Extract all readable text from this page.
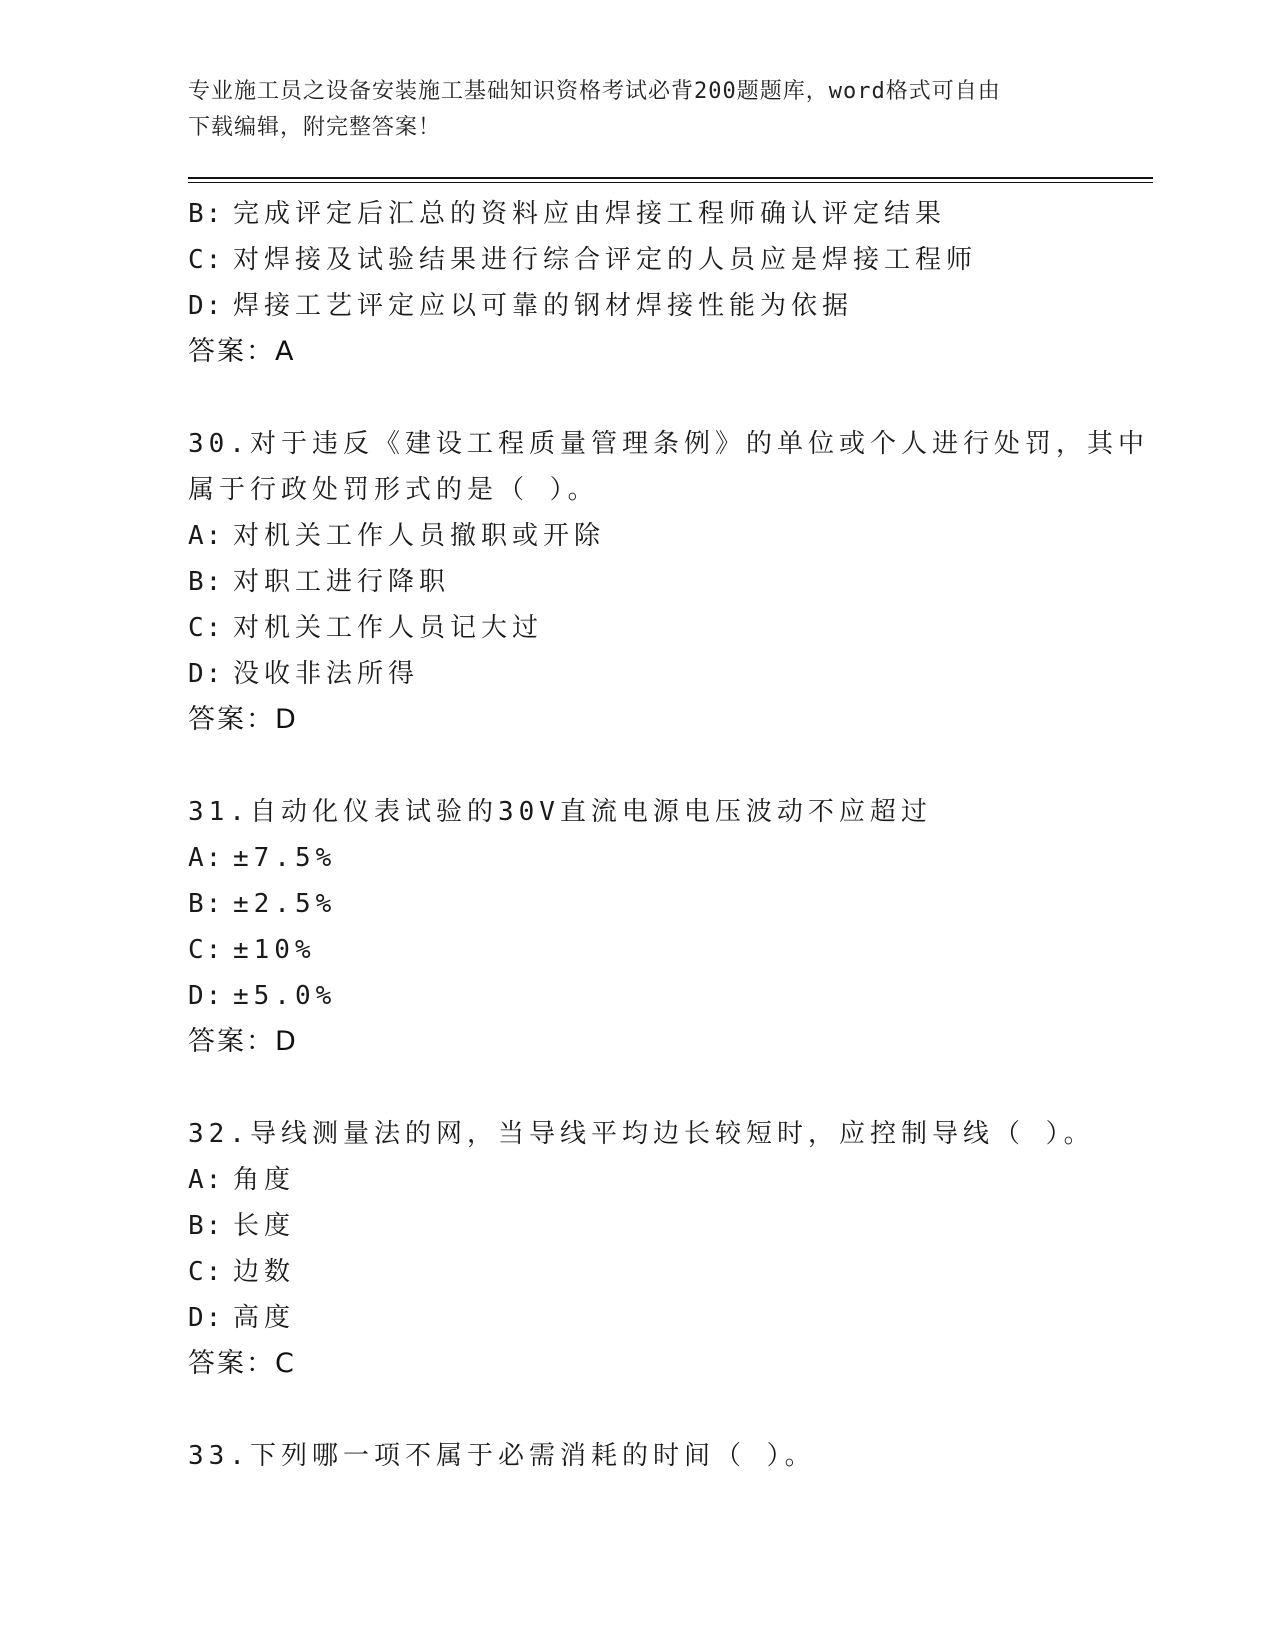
专业施工员之设备安装施工基础知识资格考试必背200题题库，word格式可自由
下载编辑，附完整答案！
B: 完成评定后汇总的资料应由焊接工程师确认评定结果
C: 对焊接及试验结果进行综合评定的人员应是焊接工程师
D: 焊接工艺评定应以可靠的钢材焊接性能为依据
答案：A
30.对于违反《建设工程质量管理条例》的单位或个人进行处罚，其中
属于行政处罚形式的是（ ）。
A: 对机关工作人员撤职或开除
B: 对职工进行降职
C: 对机关工作人员记大过
D: 没收非法所得
答案：D
31.自动化仪表试验的30V直流电源电压波动不应超过
A: ±7.5%
B: ±2.5%
C: ±10%
D: ±5.0%
答案：D
32.导线测量法的网，当导线平均边长较短时，应控制导线（ ）。
A: 角度
B: 长度
C: 边数
D: 高度
答案：C
33.下列哪一项不属于必需消耗的时间（ ）。
